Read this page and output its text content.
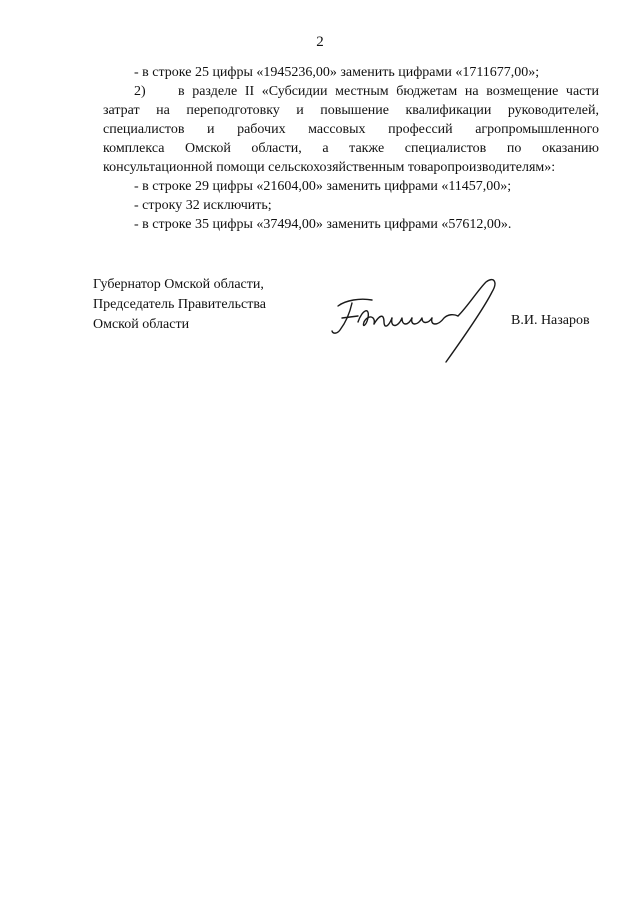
2
- в строке 25 цифры «1945236,00» заменить цифрами «1711677,00»;
2)	в разделе II «Субсидии местным бюджетам на возмещение части
затрат на переподготовку и повышение квалификации руководителей,
специалистов и рабочих массовых профессий агропромышленного
комплекса Омской области, а также специалистов по оказанию
консультационной помощи сельскохозяйственным товаропроизводителям»:
- в строке 29 цифры «21604,00» заменить цифрами «11457,00»;
- строку 32 исключить;
- в строке 35 цифры «37494,00» заменить цифрами «57612,00».
Губернатор Омской области,
Председатель Правительства
Омской области	В.И. Назаров
